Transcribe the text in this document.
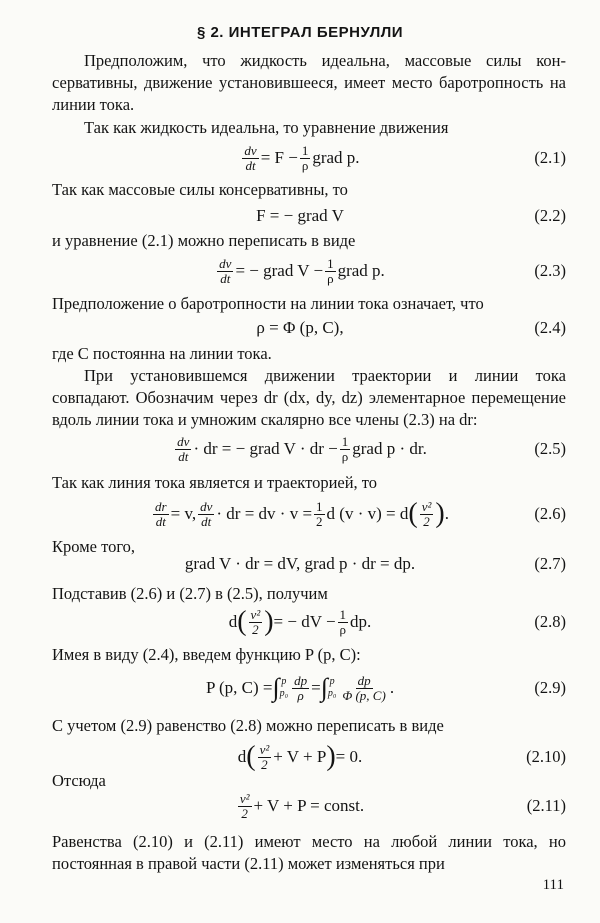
§ 2. ИНТЕГРАЛ БЕРНУЛЛИ
Предположим, что жидкость идеальна, массовые силы консервативны, движение установившееся, имеет место баротропность на линии тока.
Так как жидкость идеальна, то уравнение движения
$\frac{dv}{dt} = F - \frac{1}{\rho}$ grad p.	(2.1)
Так как массовые силы консервативны, то
F = − grad V	(2.2)
и уравнение (2.1) можно переписать в виде
$\frac{dv}{dt}$ = − grad $V - \frac{1}{\rho}$ grad p.	(2.3)
Предположение о баротропности на линии тока означает, что
ρ = Φ (p, C),	(2.4)
где C постоянна на линии тока.
При установившемся движении траектории и линии тока совпадают. Обозначим через dr (dx, dy, dz) элементарное перемещение вдоль линии тока и умножим скалярно все члены (2.3) на dr:
$\frac{dv}{dt}$ · dr = − grad V · dr − $\frac{1}{\rho}$ grad p · dr.	(2.5)
Так как линия тока является и траекторией, то
$\frac{dr}{dt} = v$, $\frac{dv}{dt}$ · dr = dv · $v = \frac{1}{2}$ d (v · v) = d ( $\frac{\text{v²}}{2}$ ) .	(2.6)
Кроме того,
grad V · dr = dV, grad p · dr = dp.	(2.7)
Подставив (2.6) и (2.7) в (2.5), получим
d ( $\frac{\text{v²}}{2}$ ) = − dV − $\frac{1}{\rho}$ dp.	(2.8)
Имея в виду (2.4), введем функцию P (p, C):
P (p, C) = ∫ p
$p_0 \frac{dp}{\rho}$ = ∫ p
$p_0 \frac{dp}{\Phi (p, C)}$ .	(2.9)
С учетом (2.9) равенство (2.8) можно переписать в виде
d ( $\frac{\text{v²}}{2} + V + P$ ) = 0.	(2.10)
Отсюда
$\frac{\text{v²}}{2} + V + P$ = const.	(2.11)
Равенства (2.10) и (2.11) имеют место на любой линии тока, но постоянная в правой части (2.11) может изменяться при
111
